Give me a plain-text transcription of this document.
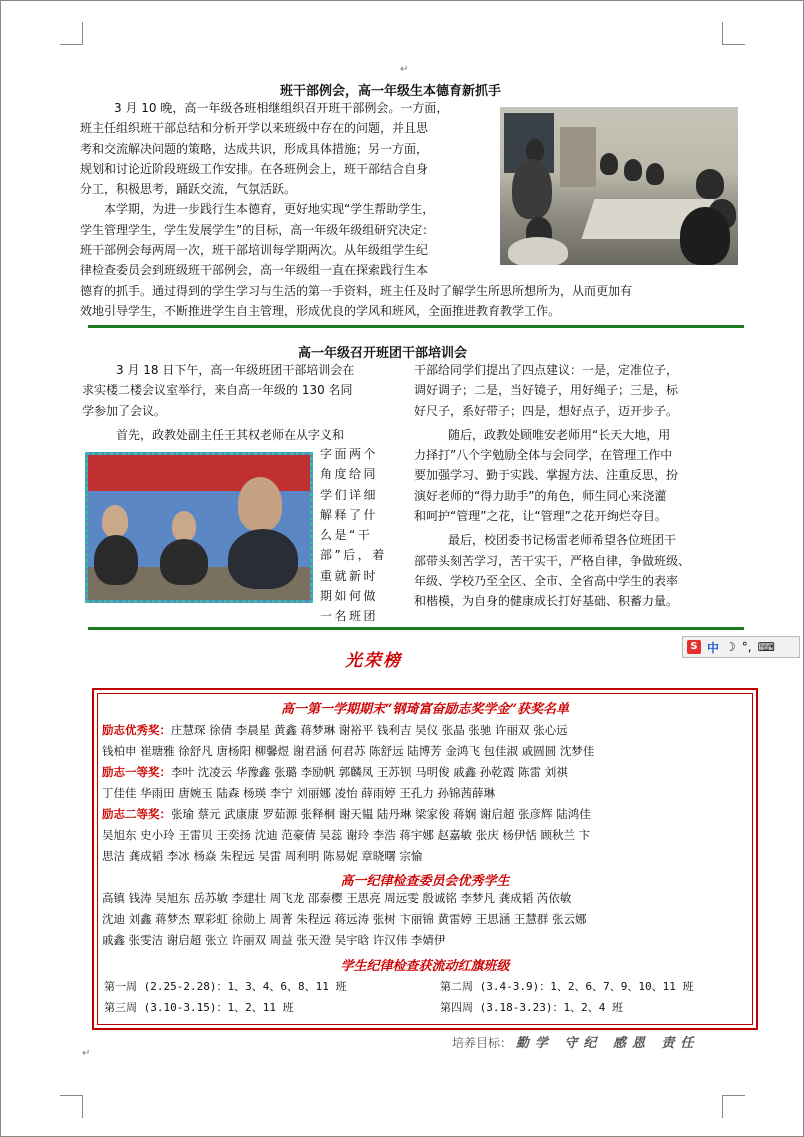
↵
班干部例会，高一年级生本德育新抓手
3 月 10 晚，高一年级各班相继组织召开班干部例会。一方面，
班主任组织班干部总结和分析开学以来班级中存在的问题，并且思
考和交流解决问题的策略，达成共识，形成具体措施；另一方面，
规划和讨论近阶段班级工作安排。在各班例会上，班干部结合自身
分工，积极思考，踊跃交流，气氛活跃。
本学期，为进一步践行生本德育，更好地实现“学生帮助学生，
学生管理学生，学生发展学生”的目标，高一年级年级组研究决定：
班干部例会每两周一次，班干部培训每学期两次。从年级组学生纪
律检查委员会到班级班干部例会，高一年级组一直在探索践行生本
德育的抓手。通过得到的学生学习与生活的第一手资料，班主任及时了解学生所思所想所为，从而更加有
效地引导学生，不断推进学生自主管理，形成优良的学风和班风，全面推进教育教学工作。
高一年级召开班团干部培训会
3 月 18 日下午，高一年级班团干部培训会在
求实楼二楼会议室举行，来自高一年级的 130 名同
学参加了会议。
首先，政教处副主任王其权老师在从字义和
字面两个
角度给同
学们详细
解释了什
么是“干
部”后，着
重就新时
期如何做
一名班团
干部给同学们提出了四点建议：一是，定准位子，
调好调子；二是，当好镜子，用好绳子；三是，标
好尺子，系好带子；四是，想好点子，迈开步子。
随后，政教处顾唯安老师用“长天大地，用
力择打”八个字勉励全体与会同学，在管理工作中
要加强学习、勤于实践、掌握方法、注重反思，扮
演好老师的“得力助手”的角色，师生同心来浇灌
和呵护“管理”之花，让“管理”之花开绚烂夺目。
最后，校团委书记杨雷老师希望各位班团干
部带头刻苦学习，苦干实干，严格自律，争做班级、
年级、学校乃至全区、全市、全省高中学生的表率
和楷模，为自身的健康成长打好基础、积蓄力量。
S 中 ☽ °, ⌨
光荣榜
高一第一学期期末“钢琦富奋励志奖学金”获奖名单
励志优秀奖：庄慧琛 徐倩 李晨星 黄鑫 蒋梦琳 谢裕平 钱利吉 吴仪 张晶 张驰 许丽双 张心远
钱柏申 崔瑭雅 徐舒凡 唐杨阳 柳馨煜 谢君涵 何君苏 陈舒远 陆博芳 金鸿飞 包佳淑 戚圆圆 沈梦佳
励志一等奖：李叶 沈凌云 华豫鑫 张璐 李励帆 郭麟凤 王苏钡 马明俊 戚鑫 孙乾霞 陈雷 刘祺
丁佳佳 华雨田 唐婉玉 陆森 杨瑛 李宁 刘丽娜 凌怡 薛雨婷 王孔力 孙锦茜薛琳
励志二等奖：张瑜 蔡元 武康康 罗茹源 张释桐 谢天韫 陆丹琳 梁家俊 蒋娴 谢启超 张彦辉 陆鸿佳
吴旭东 史小玲 王雷贝 王奕扬 沈迪 范豪倩 吴蕊 谢玲 李浩 蒋宇娜 赵嘉敏 张庆 杨伊恬 顾秋兰 卞
思洁 龚成韬 李冰 杨焱 朱程远 吴雷 周利明 陈易妮 章晓曙 宗愉
高一纪律检查委员会优秀学生
高镇 钱涛 吴旭东 岳苏敏 李建壮 周飞龙 邵泰樱 王思亮 周远雯 殷诚铭 李梦凡 龚成韬 芮依敏
沈迪 刘鑫 蒋梦杰 覃彩虹 徐勋上 周菁 朱程远 蒋远涛 张树 卞丽锦 黄雷婷 王思涵 王慧群 张云娜
戚鑫 张雯洁 谢启超 张立 许丽双 周益 张天澄 吴宇晗 许汉伟 李婧伊
学生纪律检查获流动红旗班级
第一周 (2.25-2.28)：1、3、4、6、8、11 班	第二周 (3.4-3.9)：1、2、6、7、9、10、11 班
第三周 (3.10-3.15)：1、2、11 班	第四周 (3.18-3.23)：1、2、4 班
培养目标： 勤学 守纪 感恩 责任
↵
